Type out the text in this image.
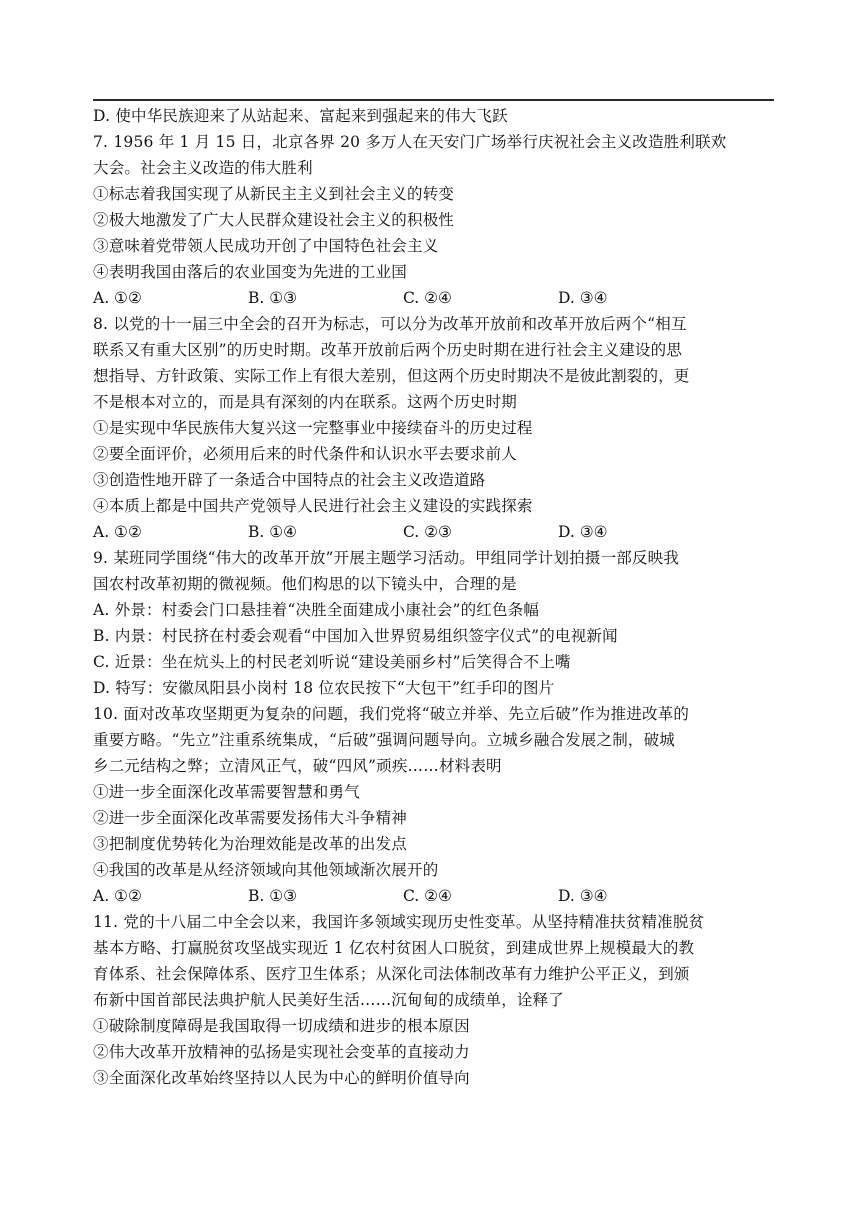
D. 使中华民族迎来了从站起来、富起来到强起来的伟大飞跃
7. 1956 年 1 月 15 日，北京各界 20 多万人在天安门广场举行庆祝社会主义改造胜利联欢
大会。社会主义改造的伟大胜利
①标志着我国实现了从新民主主义到社会主义的转变
②极大地激发了广大人民群众建设社会主义的积极性
③意味着党带领人民成功开创了中国特色社会主义
④表明我国由落后的农业国变为先进的工业国
A. ①②	B. ①③	C. ②④	D. ③④
8. 以党的十一届三中全会的召开为标志，可以分为改革开放前和改革开放后两个“相互
联系又有重大区别”的历史时期。改革开放前后两个历史时期在进行社会主义建设的思
想指导、方针政策、实际工作上有很大差别，但这两个历史时期决不是彼此割裂的，更
不是根本对立的，而是具有深刻的内在联系。这两个历史时期
①是实现中华民族伟大复兴这一完整事业中接续奋斗的历史过程
②要全面评价，必须用后来的时代条件和认识水平去要求前人
③创造性地开辟了一条适合中国特点的社会主义改造道路
④本质上都是中国共产党领导人民进行社会主义建设的实践探索
A. ①②	B. ①④	C. ②③	D. ③④
9. 某班同学围绕“伟大的改革开放”开展主题学习活动。甲组同学计划拍摄一部反映我
国农村改革初期的微视频。他们构思的以下镜头中，合理的是
A. 外景：村委会门口悬挂着“决胜全面建成小康社会”的红色条幅
B. 内景：村民挤在村委会观看“中国加入世界贸易组织签字仪式”的电视新闻
C. 近景：坐在炕头上的村民老刘听说“建设美丽乡村”后笑得合不上嘴
D. 特写：安徽凤阳县小岗村 18 位农民按下“大包干”红手印的图片
10. 面对改革攻坚期更为复杂的问题，我们党将“破立并举、先立后破”作为推进改革的
重要方略。“先立”注重系统集成，“后破”强调问题导向。立城乡融合发展之制，破城
乡二元结构之弊；立清风正气，破“四风”顽疾……材料表明
①进一步全面深化改革需要智慧和勇气
②进一步全面深化改革需要发扬伟大斗争精神
③把制度优势转化为治理效能是改革的出发点
④我国的改革是从经济领域向其他领域渐次展开的
A. ①②	B. ①③	C. ②④	D. ③④
11. 党的十八届二中全会以来，我国许多领域实现历史性变革。从坚持精准扶贫精准脱贫
基本方略、打赢脱贫攻坚战实现近 1 亿农村贫困人口脱贫，到建成世界上规模最大的教
育体系、社会保障体系、医疗卫生体系；从深化司法体制改革有力维护公平正义，到颁
布新中国首部民法典护航人民美好生活……沉甸甸的成绩单，诠释了
①破除制度障碍是我国取得一切成绩和进步的根本原因
②伟大改革开放精神的弘扬是实现社会变革的直接动力
③全面深化改革始终坚持以人民为中心的鲜明价值导向
